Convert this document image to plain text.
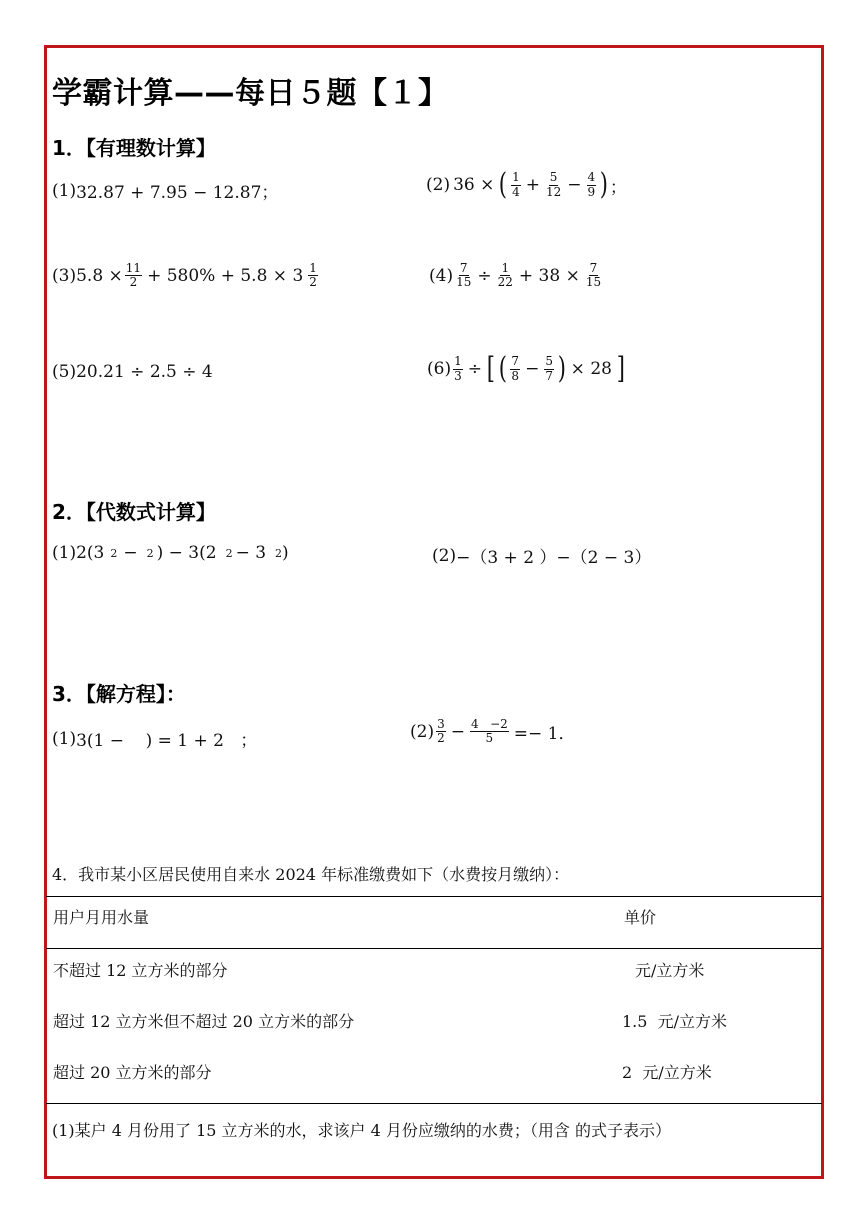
学霸计算——每日５题【１】
1．【有理数计算】
(1) 32.87 + 7.95 − 12.87；	(2) 36 × ( $\frac{1}{4} + \frac{5}{12} - \frac{4}{9}$ ) ；
(3) $5.8 \times \frac{11}{2} + 580\% + 5.8 \times 3 \frac{1}{2}$	$(4) \frac{7}{15} \div \frac{1}{22} + 38 \times \frac{7}{15}$
(5) 20.21 ÷ 2.5 ÷ 4	$(6) \frac{1}{3}$ ÷ [ ( $\frac{7}{8} - \frac{5}{7}$ ) × 28 ]
2．【代数式计算】
(1) 2(3 2 − 2 ) − 3(2 2 − 3 2 )	(2) −（3 + 2 ）−（2 − 3）
3．【解方程】：
(1) 3(1 −    ) = 1 + 2   ；	$(2) \frac{3}{2} - \frac{4 -2}{5} =- 1$．
4．我市某小区居民使用自来水 2024 年标准缴费如下（水费按月缴纳）：
用户月用水量	单价
不超过 12 立方米的部分	元/立方米
超过 12 立方米但不超过 20 立方米的部分	1.5  元/立方米
超过 20 立方米的部分	2  元/立方米
(1)某户 4 月份用了 15 立方米的水，求该户 4 月份应缴纳的水费；（用含 的式子表示）
